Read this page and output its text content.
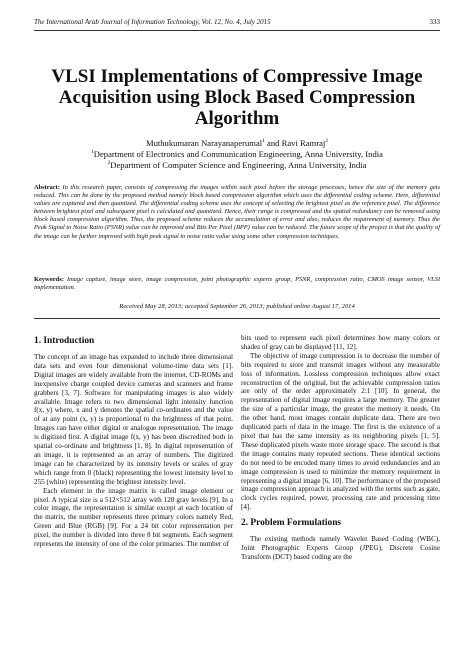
The International Arab Journal of Information Technology, Vol. 12, No. 4, July 2015	333
VLSI Implementations of Compressive Image Acquisition using Block Based Compression Algorithm
Muthukumaran Narayanaperumal$^1$ and Ravi Ramraj$^2$
$^1$Department of Electronics and Communication Engineering, Anna University, India
$^2$Department of Computer Science and Engineering, Anna University, India
Abstract: In this research paper, consists of compressing the images within each pixel before the storage processes, hence the size of the memory gets reduced. This can be done by the proposed method namely block based compression algorithm which uses the differential coding scheme. Here, differential values are captured and then quantized. The differential coding scheme uses the concept of selecting the brightest pixel as the reference pixel. The difference between brightest pixel and subsequent pixel is calculated and quantized. Hence, their range is compressed and the spatial redundancy can be removed using block based compression algorithm. Thus, the proposed scheme reduces the accumulation of error and also, reduces the requirement of memory. Thus the Peak Signal to Noise Ratio (PSNR) value can be improved and Bits Per Pixel (BPP) value can be reduced. The future scope of the project is that the quality of the image can be further improved with high peak signal to noise ratio value using some other compression techniques.
Keywords: Image capture, image store, image compression, joint photographic experts group, PSNR, compression ratio, CMOS image sensor, VLSI implementation.
Received May 28, 2013; accepted September 26, 2013; published online August 17, 2014
1. Introduction

The concept of an image has expanded to include three dimensional data sets and even four dimensional volume-time data sets [1]. Digital images are widely available from the internet, CD-ROMs and inexpensive charge coupled device cameras and scanners and frame grabbers [3, 7]. Software for manipulating images is also widely available. Image refers to two dimensional light intensity function f(x, y) where, x and y denotes the spatial co-ordinates and the value of at any point (x, y) is proportional to the brightness of that point. Images can have either digital or analogue representation. The image is digitized first. A digital image f(x, y) has been discredited both in spatial co-ordinate and brightness [1, 8]. In digital representation of an image, it is represented as an array of numbers. The digitized image can be characterized by its intensity levels or scales of gray which range from 0 (black) representing the lowest intensity level to 255 (white) representing the brightest intensity level.

Each element in the image matrix is called image element or pixel. A typical size is a 512×512 array with 128 gray levels [9]. In a color image, the representation is similar except at each location of the matrix, the number represents three primary colors namely Red, Green and Blue (RGB) [9]. For a 24 bit color representation per pixel, the number is divided into three 8 bit segments. Each segment represents the intensity of one of the color primaries. The number of

bits used to represent each pixel determines how many colors or shades of gray can be displayed [11, 12].

The objective of image compression is to decrease the number of bits required to store and transmit images without any measurable loss of information. Lossless compression techniques allow exact reconstruction of the original, but the achievable compression ratios are only of the order approximately 2:1 [10]. In general, the representation of digital image requires a large memory. The greater the size of a particular image, the greater the memory it needs. On the other hand, most images contain duplicate data. There are two duplicated parts of data in the image. The first is the existence of a pixel that has the same intensity as its neighboring pixels [1, 5]. These duplicated pixels waste more storage space. The second is that the image contains many repeated sections. These identical sections do not need to be encoded many times to avoid redundancies and an image compression is used to minimize the memory requirement in representing a digital image [6, 10]. The performance of the proposed image compression approach is analyzed with the terms such as gate, clock cycles required, power, processing rate and processing time [4].

2. Problem Formulations

The existing methods namely Wavelet Based Coding (WBC), Joint Photographic Experts Group (JPEG), Discrete Cosine Transform (DCT) based coding are the
